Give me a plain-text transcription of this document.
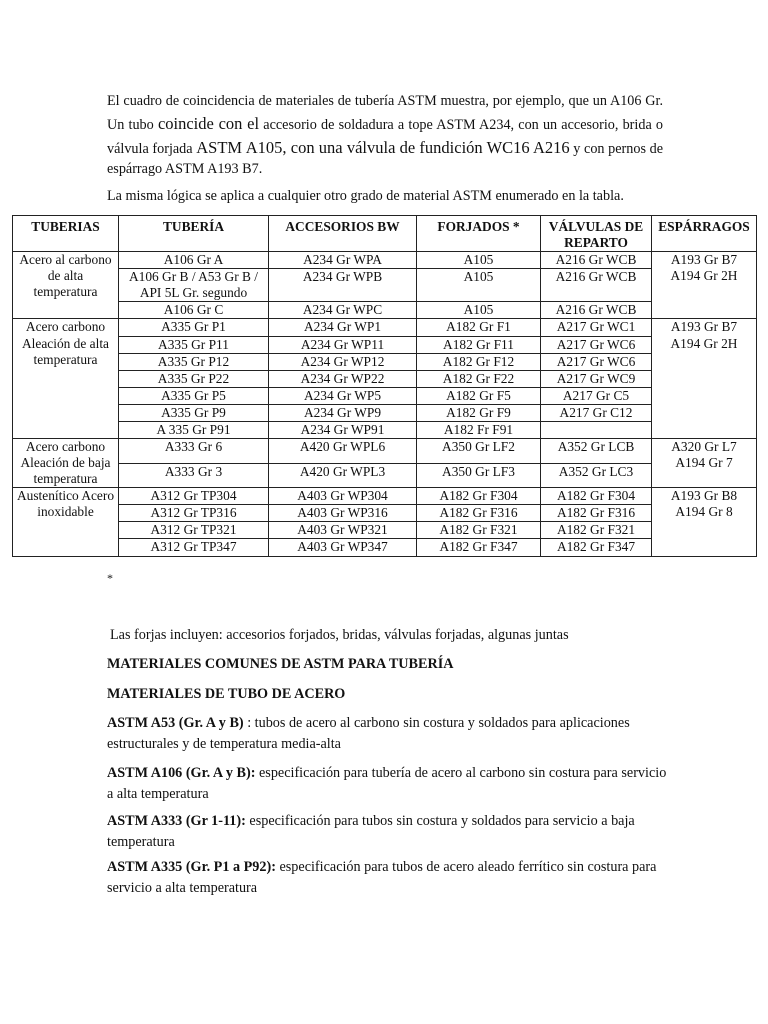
El cuadro de coincidencia de materiales de tubería ASTM muestra, por ejemplo, que un A106 Gr. Un tubo coincide con el accesorio de soldadura a tope ASTM A234, con un accesorio, brida o válvula forjada ASTM A105, con una válvula de fundición WC16 A216 y con pernos de espárrago ASTM A193 B7.

La misma lógica se aplica a cualquier otro grado de material ASTM enumerado en la tabla.
TUBERIAS	TUBERÍA	ACCESORIOS BW	FORJADOS *	VÁLVULAS DE REPARTO	ESPÁRRAGOS
Acero al carbono de alta temperatura	A106 Gr A	A234 Gr WPA	A105	A216 Gr WCB	A193 Gr B7
A194 Gr 2H
	A106 Gr B / A53 Gr B / API 5L Gr. segundo	A234 Gr WPB	A105	A216 Gr WCB	
	A106 Gr C	A234 Gr WPC	A105	A216 Gr WCB	
Acero carbono Aleación de alta temperatura	A335 Gr P1	A234 Gr WP1	A182 Gr F1	A217 Gr WC1	A193 Gr B7
A194 Gr 2H
	A335 Gr P11	A234 Gr WP11	A182 Gr F11	A217 Gr WC6	
	A335 Gr P12	A234 Gr WP12	A182 Gr F12	A217 Gr WC6	
	A335 Gr P22	A234 Gr WP22	A182 Gr F22	A217 Gr WC9	
	A335 Gr P5	A234 Gr WP5	A182 Gr F5	A217 Gr C5	
	A335 Gr P9	A234 Gr WP9	A182 Gr F9	A217 Gr C12	
	A 335 Gr P91	A234 Gr WP91	A182 Fr F91		
Acero carbono Aleación de baja temperatura	A333 Gr 6	A420 Gr WPL6	A350 Gr LF2	A352 Gr LCB	A320 Gr L7
A194 Gr 7
	A333 Gr 3	A420 Gr WPL3	A350 Gr LF3	A352 Gr LC3	
Austenítico Acero inoxidable	A312 Gr TP304	A403 Gr WP304	A182 Gr F304	A182 Gr F304	A193 Gr B8
A194 Gr 8
	A312 Gr TP316	A403 Gr WP316	A182 Gr F316	A182 Gr F316	
	A312 Gr TP321	A403 Gr WP321	A182 Gr F321	A182 Gr F321	
	A312 Gr TP347	A403 Gr WP347	A182 Gr F347	A182 Gr F347	
*
Las forjas incluyen: accesorios forjados, bridas, válvulas forjadas, algunas juntas
MATERIALES COMUNES DE ASTM PARA TUBERÍA
MATERIALES DE TUBO DE ACERO
ASTM A53 (Gr. A y B) : tubos de acero al carbono sin costura y soldados para aplicaciones estructurales y de temperatura media-alta
ASTM A106 (Gr. A y B): especificación para tubería de acero al carbono sin costura para servicio a alta temperatura
ASTM A333 (Gr 1-11): especificación para tubos sin costura y soldados para servicio a baja temperatura
ASTM A335 (Gr. P1 a P92): especificación para tubos de acero aleado ferrítico sin costura para servicio a alta temperatura
